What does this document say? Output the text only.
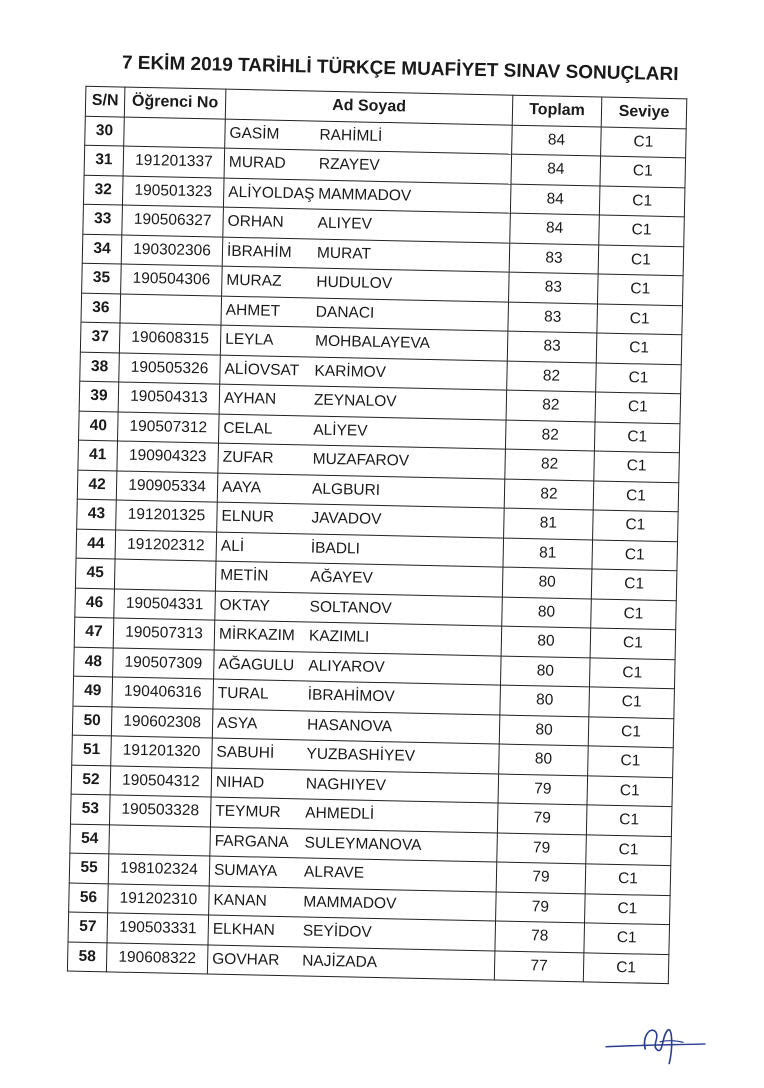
7 EKİM 2019 TARİHLİ TÜRKÇE MUAFİYET SINAV SONUÇLARI
S/N	Öğrenci No	Ad Soyad	Toplam	Seviye
30		GASİM RAHİMLİ	84	C1
31	191201337	MURAD RZAYEV	84	C1
32	190501323	ALİYOLDAŞ MAMMADOV	84	C1
33	190506327	ORHAN ALIYEV	84	C1
34	190302306	İBRAHİM MURAT	83	C1
35	190504306	MURAZ HUDULOV	83	C1
36		AHMET DANACI	83	C1
37	190608315	LEYLA MOHBALAYEVA	83	C1
38	190505326	ALİOVSAT KARİMOV	82	C1
39	190504313	AYHAN ZEYNALOV	82	C1
40	190507312	CELAL ALİYEV	82	C1
41	190904323	ZUFAR MUZAFAROV	82	C1
42	190905334	AAYA ALGBURI	82	C1
43	191201325	ELNUR JAVADOV	81	C1
44	191202312	ALİ İBADLI	81	C1
45		METİN AĞAYEV	80	C1
46	190504331	OKTAY SOLTANOV	80	C1
47	190507313	MİRKAZIM KAZIMLI	80	C1
48	190507309	AĞAGULU ALIYAROV	80	C1
49	190406316	TURAL İBRAHİMOV	80	C1
50	190602308	ASYA HASANOVA	80	C1
51	191201320	SABUHİ YUZBASHİYEV	80	C1
52	190504312	NIHAD NAGHIYEV	79	C1
53	190503328	TEYMUR AHMEDLİ	79	C1
54		FARGANA SULEYMANOVA	79	C1
55	198102324	SUMAYA ALRAVE	79	C1
56	191202310	KANAN MAMMADOV	79	C1
57	190503331	ELKHAN SEYİDOV	78	C1
58	190608322	GOVHAR NAJİZADA	77	C1
